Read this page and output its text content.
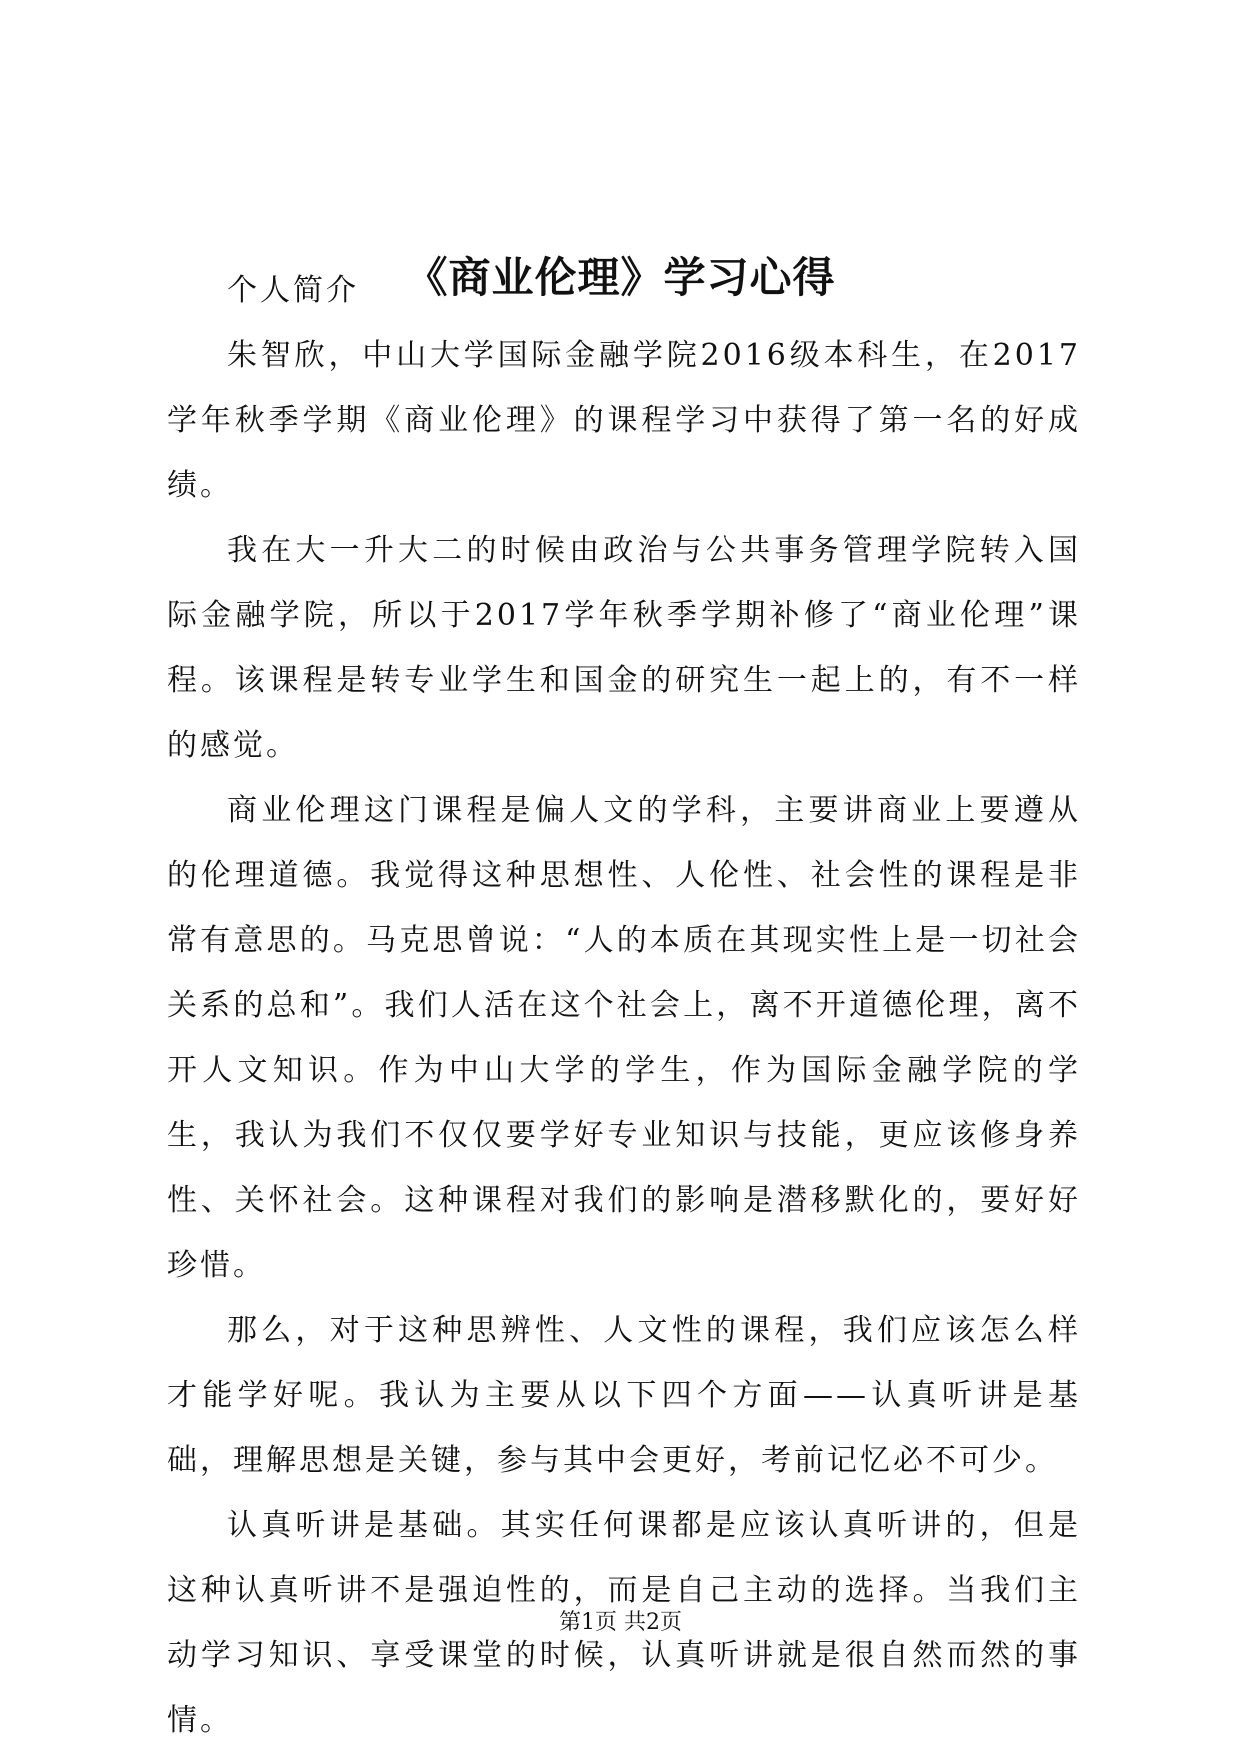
《商业伦理》学习心得

个人简介

朱智欣，中山大学国际金融学院2016级本科生，在2017学年秋季学期《商业伦理》的课程学习中获得了第一名的好成绩。

我在大一升大二的时候由政治与公共事务管理学院转入国际金融学院，所以于2017学年秋季学期补修了“商业伦理”课程。该课程是转专业学生和国金的研究生一起上的，有不一样的感觉。

商业伦理这门课程是偏人文的学科，主要讲商业上要遵从的伦理道德。我觉得这种思想性、人伦性、社会性的课程是非常有意思的。马克思曾说：“人的本质在其现实性上是一切社会关系的总和”。我们人活在这个社会上，离不开道德伦理，离不开人文知识。作为中山大学的学生，作为国际金融学院的学生，我认为我们不仅仅要学好专业知识与技能，更应该修身养性、关怀社会。这种课程对我们的影响是潜移默化的，要好好珍惜。

那么，对于这种思辨性、人文性的课程，我们应该怎么样才能学好呢。我认为主要从以下四个方面——认真听讲是基础，理解思想是关键，参与其中会更好，考前记忆必不可少。

认真听讲是基础。其实任何课都是应该认真听讲的，但是这种认真听讲不是强迫性的，而是自己主动的选择。当我们主动学习知识、享受课堂的时候，认真听讲就是很自然而然的事情。

第1页 共2页
